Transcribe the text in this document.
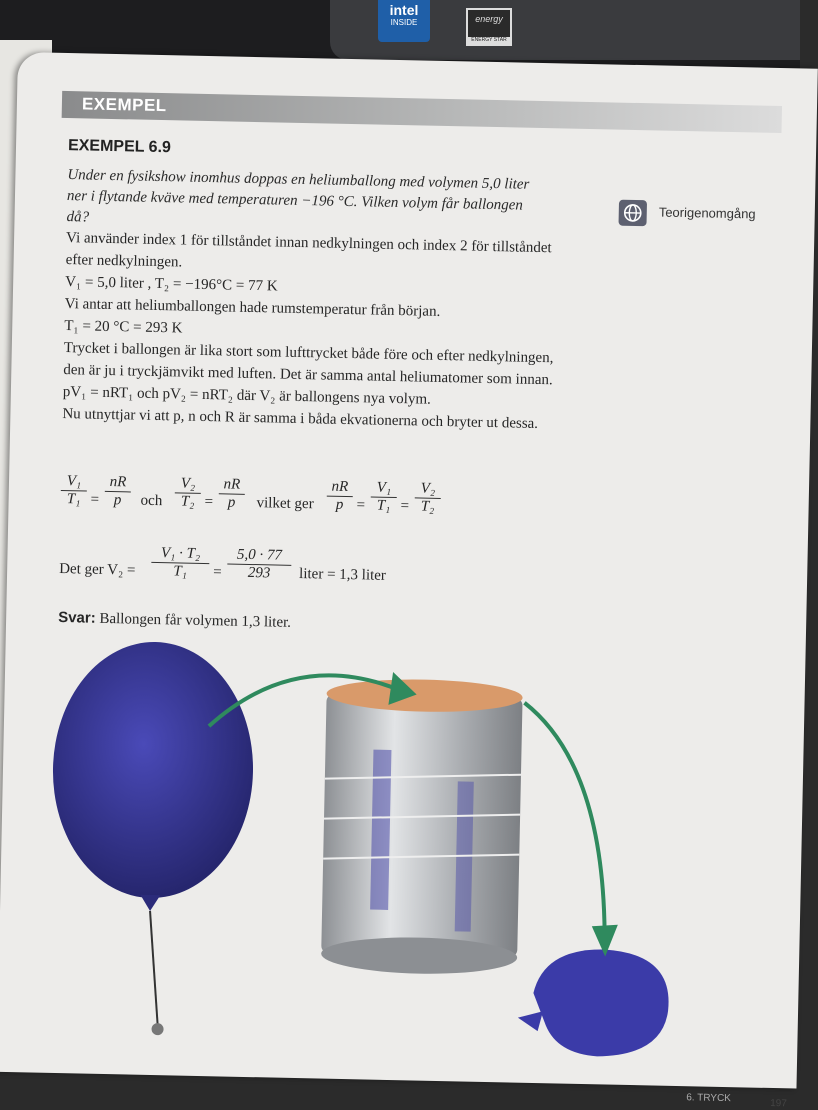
intel
INSIDE	energy
ENERGY STAR
EXEMPEL
EXEMPEL 6.9
Under en fysikshow inomhus doppas en heliumballong med volymen 5,0 liter ner i flytande kväve med temperaturen −196 °C. Vilken volym får ballongen då?	Teorigenomgång

Vi använder index 1 för tillståndet innan nedkylningen och index 2 för tillståndet efter nedkylningen.

V₁ = 5,0 liter , T₂ = −196°C = 77 K

Vi antar att heliumballongen hade rumstemperatur från början.

T₁ = 20 °C = 293 K

Trycket i ballongen är lika stort som lufttrycket både före och efter nedkylningen, den är ju i tryckjämvikt med luften. Det är samma antal heliumatomer som innan.

pV₁ = nRT₁ och pV₂ = nRT₂ där V₂ är ballongens nya volym.

Nu utnyttjar vi att p, n och R är samma i båda ekvationerna och bryter ut dessa.

$\frac{\text{V₁}}{\text{T₁}} = \frac{nR}{p}$ och $\frac{\text{V₂}}{\text{T₂}} = \frac{nR}{p}$ vilket ger $\frac{nR}{p} = \frac{\text{V₁}}{\text{T₁}} = \frac{\text{V₂}}{\text{T₂}}$
Det ger $V_2 = \frac{\text{V₁ · T₂}}{\text{T₁}} = \frac{5,0 \cdot 77}{293}$ liter = 1,3 liter
Svar: Ballongen får volymen 1,3 liter.
6. TRYCK	197
